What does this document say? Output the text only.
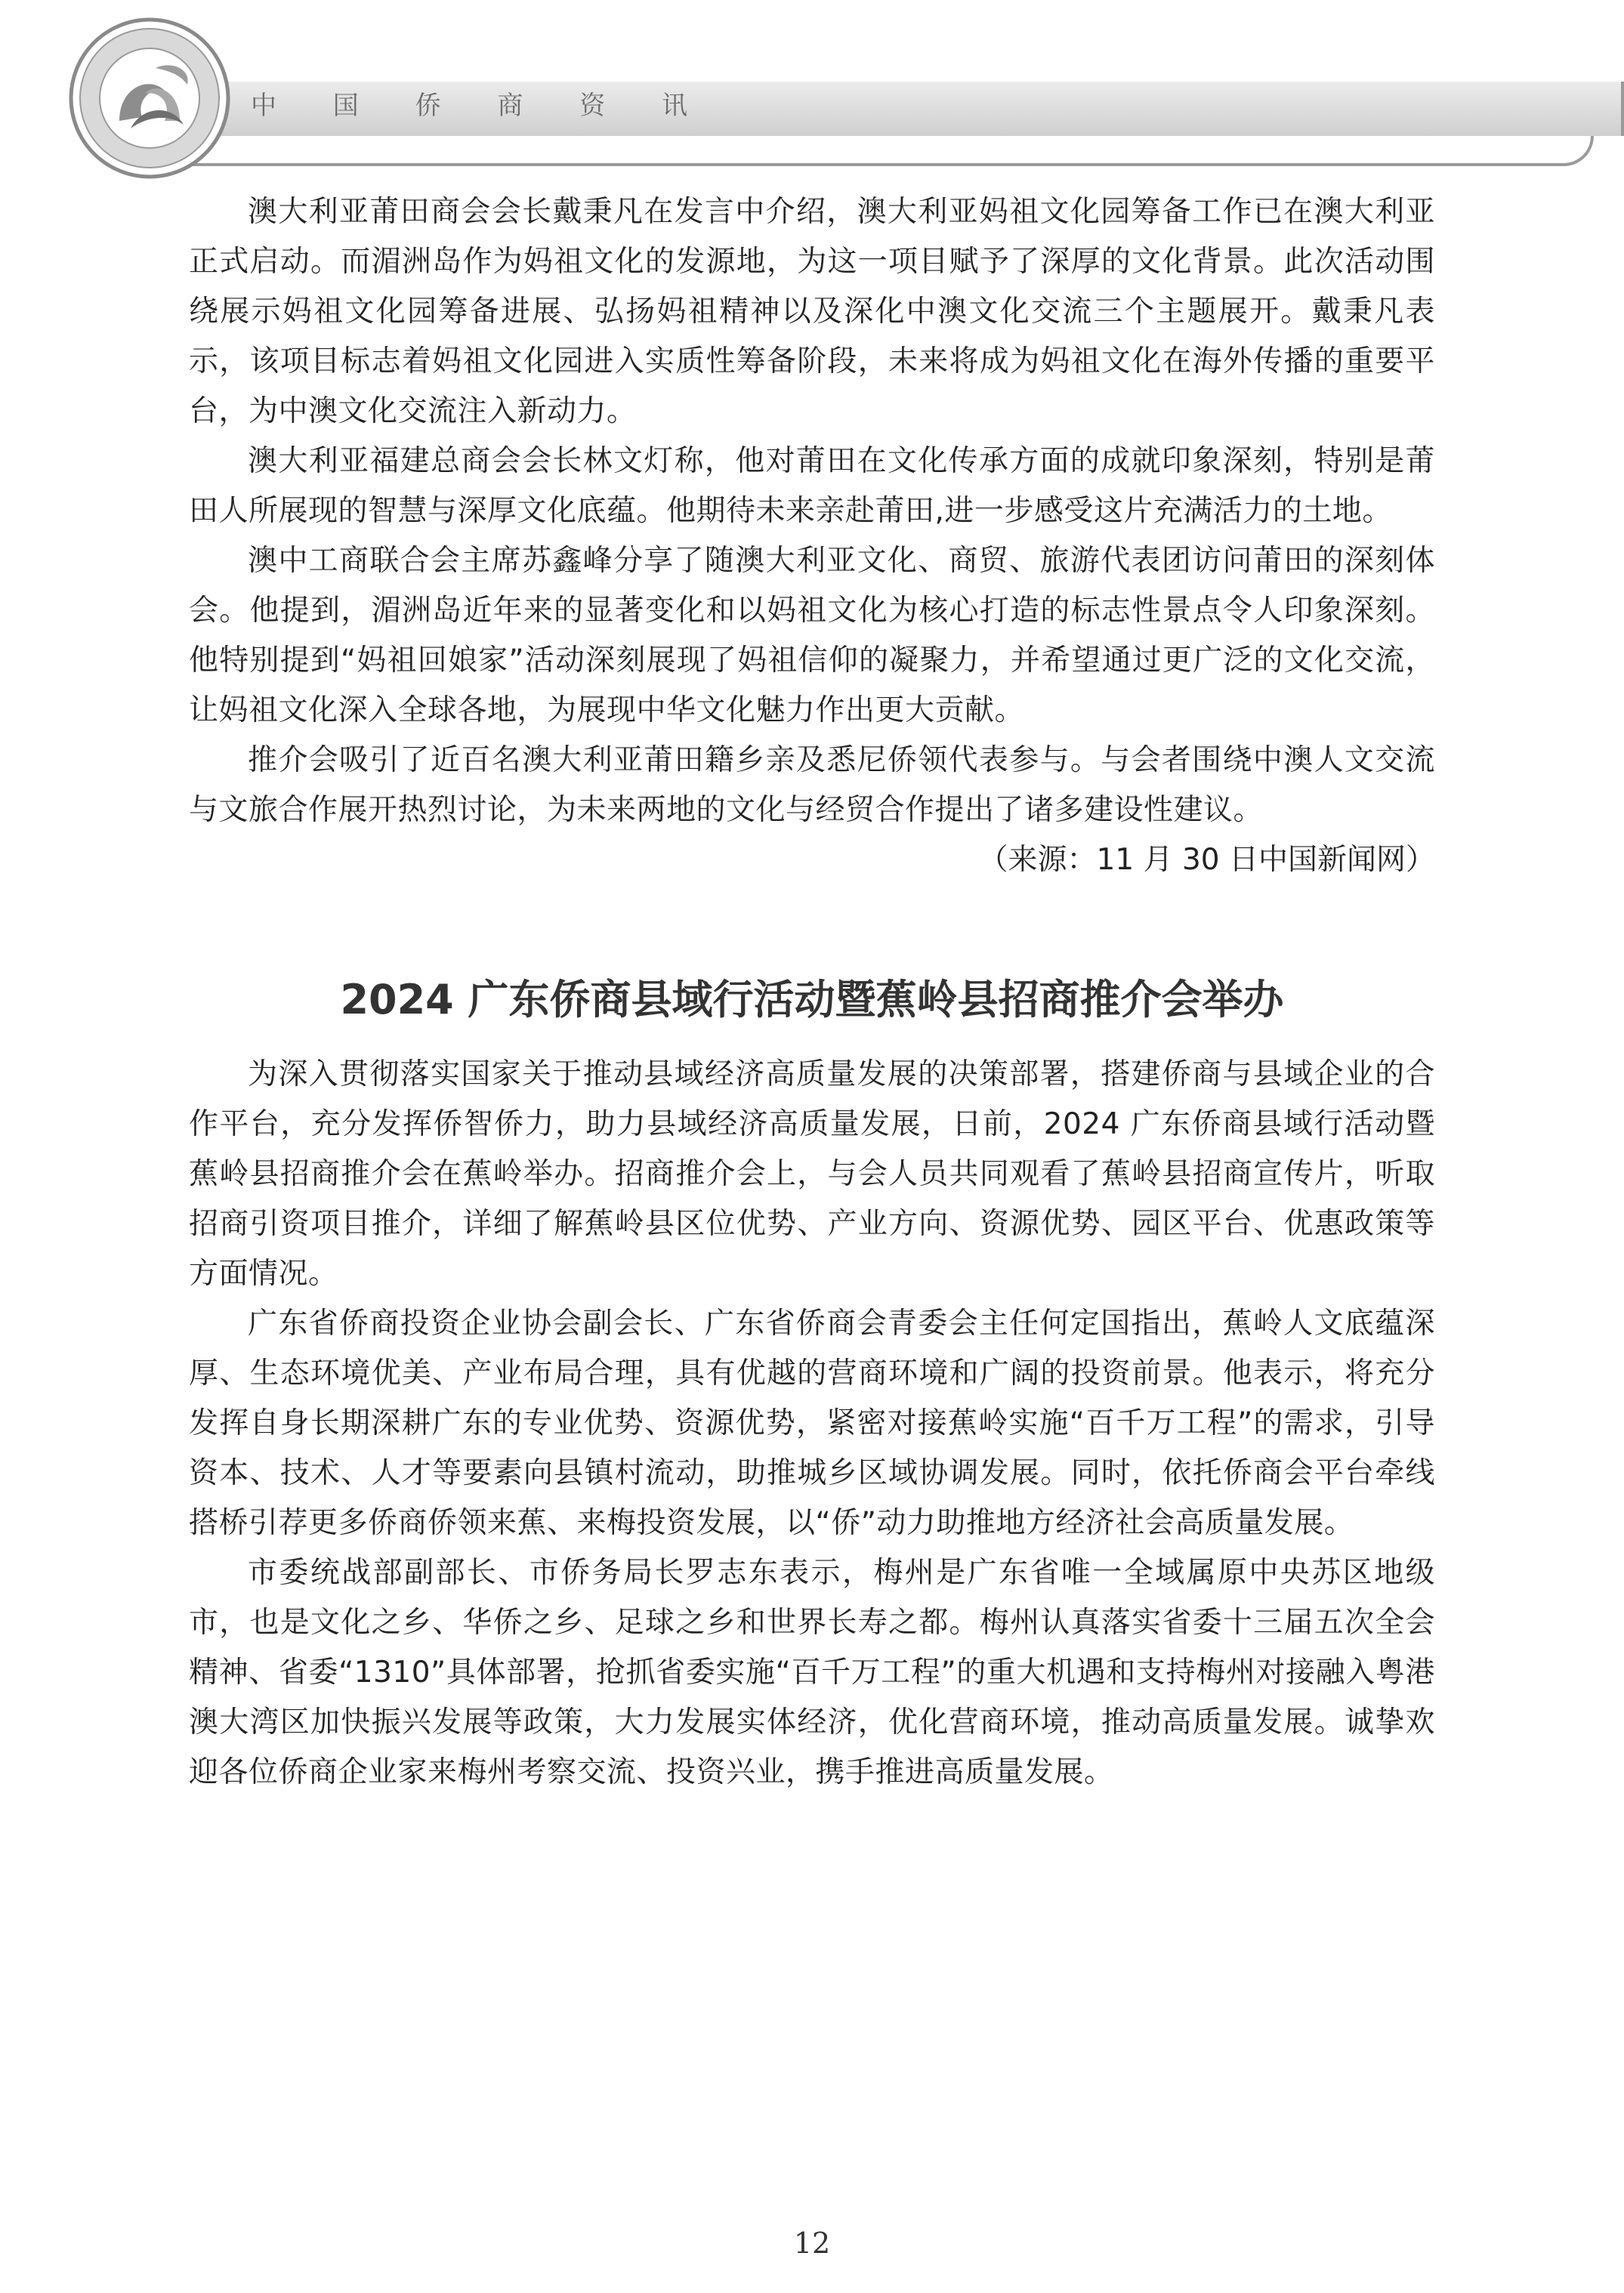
中 国 侨 商 资 讯

澳大利亚莆田商会会长戴秉凡在发言中介绍，澳大利亚妈祖文化园筹备工作已在澳大利亚正式启动。而湄洲岛作为妈祖文化的发源地，为这一项目赋予了深厚的文化背景。此次活动围绕展示妈祖文化园筹备进展、弘扬妈祖精神以及深化中澳文化交流三个主题展开。戴秉凡表示，该项目标志着妈祖文化园进入实质性筹备阶段，未来将成为妈祖文化在海外传播的重要平台，为中澳文化交流注入新动力。

澳大利亚福建总商会会长林文灯称，他对莆田在文化传承方面的成就印象深刻，特别是莆田人所展现的智慧与深厚文化底蕴。他期待未来亲赴莆田,进一步感受这片充满活力的土地。

澳中工商联合会主席苏鑫峰分享了随澳大利亚文化、商贸、旅游代表团访问莆田的深刻体会。他提到，湄洲岛近年来的显著变化和以妈祖文化为核心打造的标志性景点令人印象深刻。他特别提到“妈祖回娘家”活动深刻展现了妈祖信仰的凝聚力，并希望通过更广泛的文化交流，让妈祖文化深入全球各地，为展现中华文化魅力作出更大贡献。

推介会吸引了近百名澳大利亚莆田籍乡亲及悉尼侨领代表参与。与会者围绕中澳人文交流与文旅合作展开热烈讨论，为未来两地的文化与经贸合作提出了诸多建设性建议。

（来源：11 月 30 日中国新闻网）

2024 广东侨商县域行活动暨蕉岭县招商推介会举办

为深入贯彻落实国家关于推动县域经济高质量发展的决策部署，搭建侨商与县域企业的合作平台，充分发挥侨智侨力，助力县域经济高质量发展，日前，2024 广东侨商县域行活动暨蕉岭县招商推介会在蕉岭举办。招商推介会上，与会人员共同观看了蕉岭县招商宣传片，听取招商引资项目推介，详细了解蕉岭县区位优势、产业方向、资源优势、园区平台、优惠政策等方面情况。

广东省侨商投资企业协会副会长、广东省侨商会青委会主任何定国指出，蕉岭人文底蕴深厚、生态环境优美、产业布局合理，具有优越的营商环境和广阔的投资前景。他表示，将充分发挥自身长期深耕广东的专业优势、资源优势，紧密对接蕉岭实施“百千万工程”的需求，引导资本、技术、人才等要素向县镇村流动，助推城乡区域协调发展。同时，依托侨商会平台牵线搭桥引荐更多侨商侨领来蕉、来梅投资发展，以“侨”动力助推地方经济社会高质量发展。

市委统战部副部长、市侨务局长罗志东表示，梅州是广东省唯一全域属原中央苏区地级市，也是文化之乡、华侨之乡、足球之乡和世界长寿之都。梅州认真落实省委十三届五次全会精神、省委“1310”具体部署，抢抓省委实施“百千万工程”的重大机遇和支持梅州对接融入粤港澳大湾区加快振兴发展等政策，大力发展实体经济，优化营商环境，推动高质量发展。诚挚欢迎各位侨商企业家来梅州考察交流、投资兴业，携手推进高质量发展。

12
